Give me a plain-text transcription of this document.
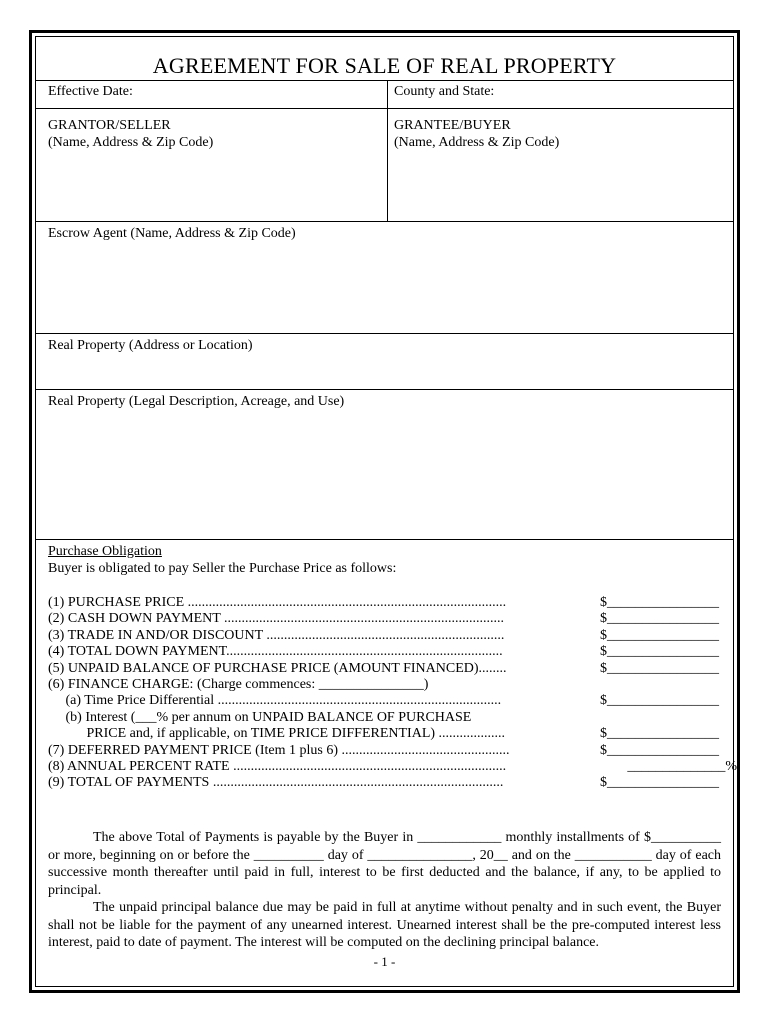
AGREEMENT FOR SALE OF REAL PROPERTY
Effective Date:	County and State:
GRANTOR/SELLER
(Name, Address & Zip Code)
GRANTEE/BUYER
(Name, Address & Zip Code)
Escrow Agent (Name, Address & Zip Code)
Real Property (Address or Location)
Real Property (Legal Description, Acreage, and Use)
Purchase Obligation
Buyer is obligated to pay Seller the Purchase Price as follows:
(1) PURCHASE PRICE ...........................................................................................	$________________
(2) CASH DOWN PAYMENT ................................................................................	$________________
(3) TRADE IN AND/OR DISCOUNT ....................................................................	$________________
(4) TOTAL DOWN PAYMENT...............................................................................	$________________
(5) UNPAID BALANCE OF PURCHASE PRICE (AMOUNT FINANCED)........	$________________
(6) FINANCE CHARGE: (Charge commences: _______________)
(a) Time Price Differential .................................................................................	$________________
(b) Interest (___% per annum on UNPAID BALANCE OF PURCHASE
PRICE and, if applicable, on TIME PRICE DIFFERENTIAL) ...................	$________________
(7) DEFERRED PAYMENT PRICE (Item 1 plus 6) ................................................	$________________
(8) ANNUAL PERCENT RATE ..............................................................................	______________%
(9) TOTAL OF PAYMENTS ...................................................................................	$________________

The above Total of Payments is payable by the Buyer in ____________ monthly installments of $__________ or more, beginning on or before the __________ day of _______________, 20__ and on the ___________ day of each successive month thereafter until paid in full, interest to be first deducted and the balance, if any, to be applied to principal.

The unpaid principal balance due may be paid in full at anytime without penalty and in such event, the Buyer shall not be liable for the payment of any unearned interest. Unearned interest shall be the pre-computed interest less interest, paid to date of payment. The interest will be computed on the declining principal balance.

- 1 -
